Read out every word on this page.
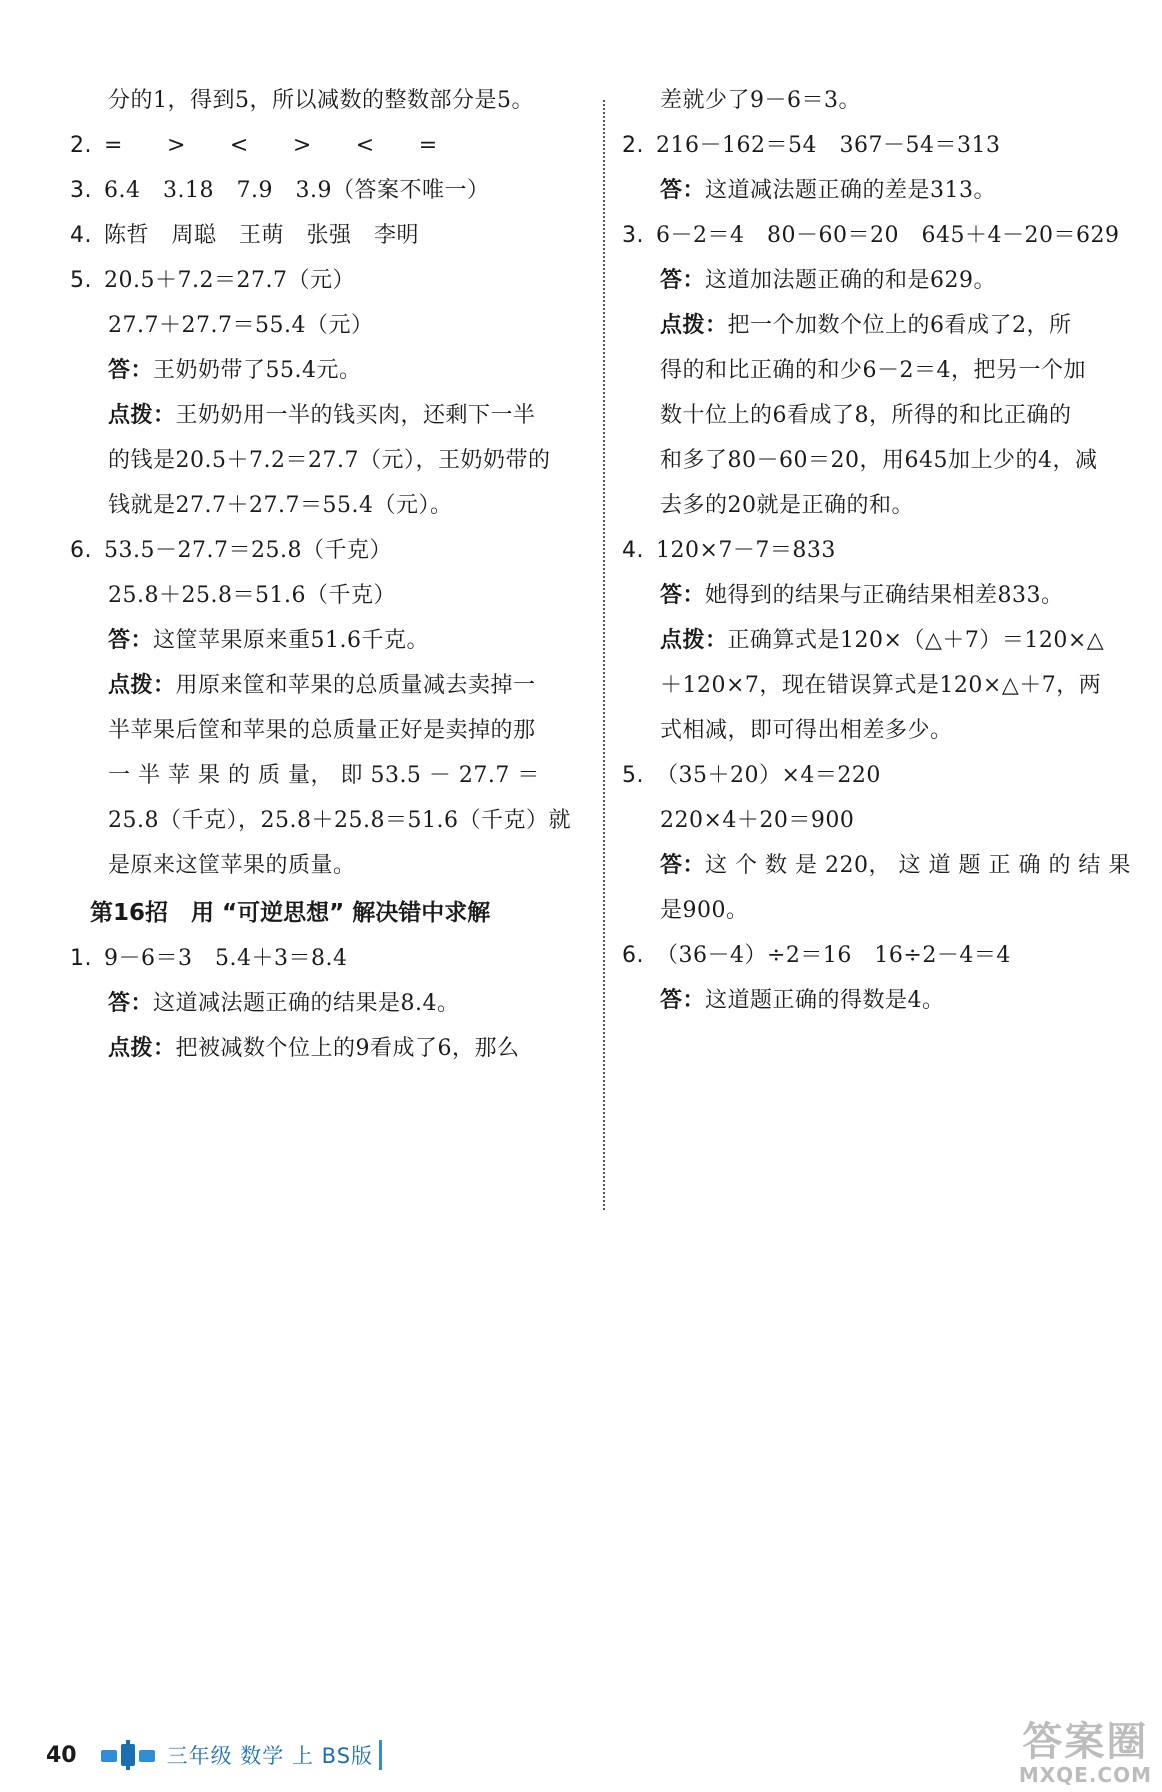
分的1，得到5，所以减数的整数部分是5。
2. = > < > < =
3. 6.4　3.18　7.9　3.9（答案不唯一）
4. 陈哲　周聪　王萌　张强　李明
5. 20.5＋7.2＝27.7（元）
27.7＋27.7＝55.4（元）
答：王奶奶带了55.4元。
点拨：王奶奶用一半的钱买肉，还剩下一半
的钱是20.5＋7.2＝27.7（元），王奶奶带的
钱就是27.7＋27.7＝55.4（元）。
6. 53.5－27.7＝25.8（千克）
25.8＋25.8＝51.6（千克）
答：这筐苹果原来重51.6千克。
点拨：用原来筐和苹果的总质量减去卖掉一
半苹果后筐和苹果的总质量正好是卖掉的那
一 半 苹 果 的 质 量， 即 53.5 － 27.7 ＝
25.8（千克），25.8＋25.8＝51.6（千克）就
是原来这筐苹果的质量。
第16招　用 “可逆思想” 解决错中求解
1. 9－6＝3　5.4＋3＝8.4
答：这道减法题正确的结果是8.4。
点拨：把被减数个位上的9看成了6，那么
差就少了9－6＝3。
2. 216－162＝54　367－54＝313
答：这道减法题正确的差是313。
3. 6－2＝4　80－60＝20　645＋4－20＝629
答：这道加法题正确的和是629。
点拨：把一个加数个位上的6看成了2，所
得的和比正确的和少6－2＝4，把另一个加
数十位上的6看成了8，所得的和比正确的
和多了80－60＝20，用645加上少的4，减
去多的20就是正确的和。
4. 120×7－7＝833
答：她得到的结果与正确结果相差833。
点拨：正确算式是120×（△＋7）＝120×△
＋120×7，现在错误算式是120×△＋7，两
式相减，即可得出相差多少。
5. （35＋20）×4＝220
220×4＋20＝900
答：这 个 数 是 220， 这 道 题 正 确 的 结 果
是900。
6. （36－4）÷2＝16　16÷2－4＝4
答：这道题正确的得数是4。
40	三年级 数学 上 BS版	答案圈
MXQE.COM
